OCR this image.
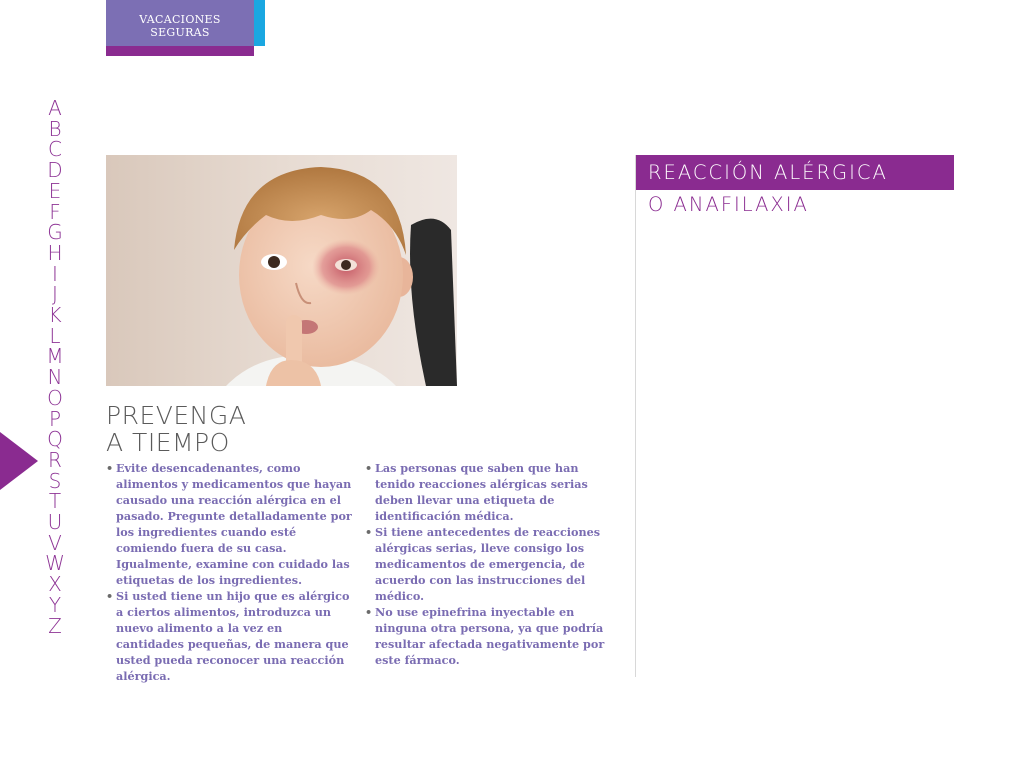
VACACIONES
SEGURAS
A
B
C
D
E
F
G
H
I
J
K
L
M
N
O
P
Q
R
S
T
U
V
W
X
Y
Z
PREVENGA
A TIEMPO

• Evite desencadenantes, como alimentos y medicamentos que hayan causado una reacción alérgica en el pasado. Pregunte detalladamente por los ingredientes cuando esté comiendo fuera de su casa. Igualmente, examine con cuidado las etiquetas de los ingredientes.

• Si usted tiene un hijo que es alérgico a ciertos alimentos, introduzca un nuevo alimento a la vez en cantidades pequeñas, de manera que usted pueda reconocer una reacción alérgica.

• Las personas que saben que han tenido reacciones alérgicas serias deben llevar una etiqueta de identificación médica.

• Si tiene antecedentes de reacciones alérgicas serias, lleve consigo los medicamentos de emergencia, de acuerdo con las instrucciones del médico.

• No use epinefrina inyectable en ninguna otra persona, ya que podría resultar afectada negativamente por este fármaco.

REACCIÓN ALÉRGICA
O ANAFILAXIA
